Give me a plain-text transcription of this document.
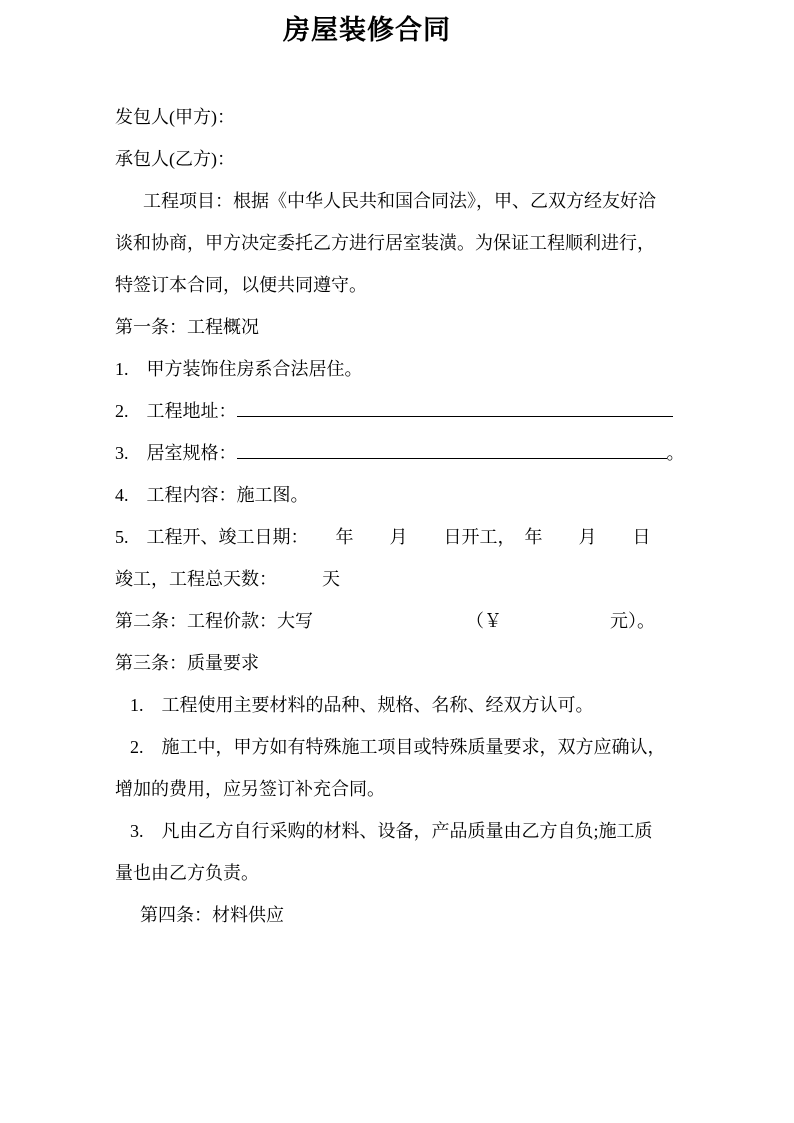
房屋装修合同
发包人(甲方)：
承包人(乙方)：
工程项目：根据《中华人民共和国合同法》，甲、乙双方经友好洽
谈和协商，甲方决定委托乙方进行居室装潢。为保证工程顺利进行，
特签订本合同，以便共同遵守。
第一条：工程概况
1.　甲方装饰住房系合法居住。
2.　工程地址：
3.　居室规格：	。
4.　工程内容：施工图。
5.　工程开、竣工日期：　　年　　月　　日开工，　年　　月　　日
竣工，工程总天数：　　　天
第二条：工程价款：大写　　　　　　　　　（￥　　　　　　元）。
第三条：质量要求
1.　工程使用主要材料的品种、规格、名称、经双方认可。
2.　施工中，甲方如有特殊施工项目或特殊质量要求，双方应确认，
增加的费用，应另签订补充合同。
3.　凡由乙方自行采购的材料、设备，产品质量由乙方自负;施工质
量也由乙方负责。
第四条：材料供应
